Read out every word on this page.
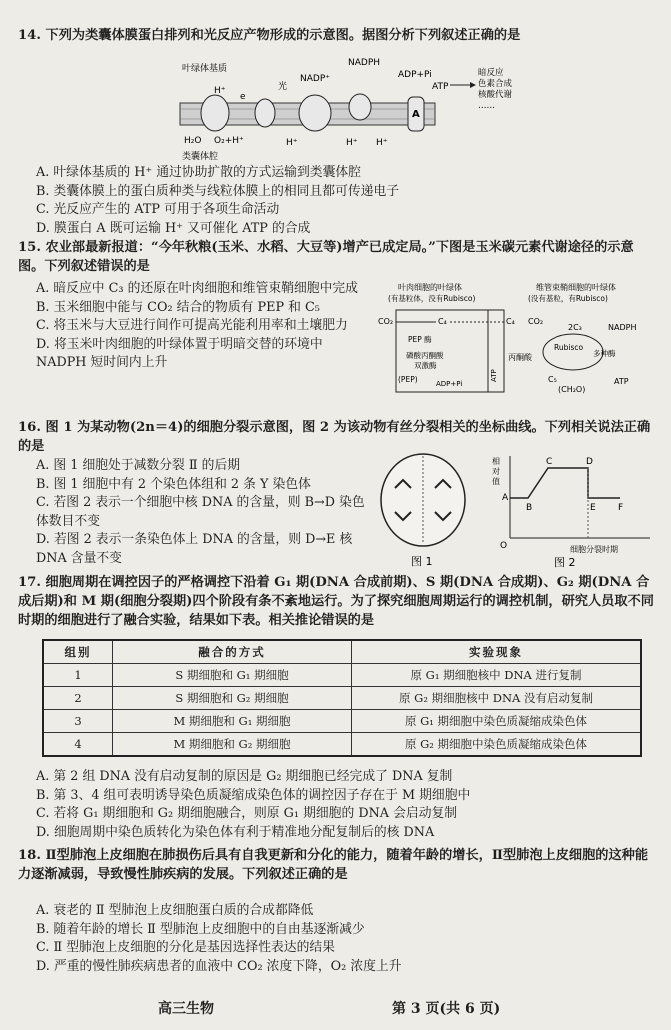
14. 下列为类囊体膜蛋白排列和光反应产物形成的示意图。据图分析下列叙述正确的是
叶绿体基质
NADP⁺
NADPH
ADP+Pi
A
光
e
H⁺
H⁺	H⁺ H⁺
H₂O O₂+H⁺
类囊体腔
ATP
暗反应
色素合成
核酸代谢
……
A. 叶绿体基质的 H⁺ 通过协助扩散的方式运输到类囊体腔
B. 类囊体膜上的蛋白质种类与线粒体膜上的相同且都可传递电子
C. 光反应产生的 ATP 可用于各项生命活动
D. 膜蛋白 A 既可运输 H⁺ 又可催化 ATP 的合成
15. 农业部最新报道：“今年秋粮(玉米、水稻、大豆等)增产已成定局。”下图是玉米碳元素代谢途径的示意图。下列叙述错误的是
A. 暗反应中 C₃ 的还原在叶肉细胞和维管束鞘细胞中完成
B. 玉米细胞中能与 CO₂ 结合的物质有 PEP 和 C₅
C. 将玉米与大豆进行间作可提高光能利用率和土壤肥力
D. 将玉米叶肉细胞的叶绿体置于明暗交替的环境中 NADPH 短时间内上升
叶肉细胞的叶绿体
(有基粒体，没有Rubisco)
维管束鞘细胞的叶绿体
(没有基粒，有Rubisco)
CO₂	C₄
PEP 酶
磷酸丙酮酸
双激酶
(PEP)	ADP+Pi
ATP
C₄ CO₂
丙酮酸
2C₃	NADPH
Rubisco
多种酶
C₅
(CH₂O)
ATP
16. 图 1 为某动物(2n＝4)的细胞分裂示意图，图 2 为该动物有丝分裂相关的坐标曲线。下列相关说法正确的是
A. 图 1 细胞处于减数分裂 Ⅱ 的后期
B. 图 1 细胞中有 2 个染色体组和 2 条 Y 染色体
C. 若图 2 表示一个细胞中核 DNA 的含量，则 B→D 染色体数目不变
D. 若图 2 表示一条染色体上 DNA 的含量，则 D→E 核 DNA 含量不变	图 1
相
对
值
A
B
C	D
E F
O	细胞分裂时期
图 2
17. 细胞周期在调控因子的严格调控下沿着 G₁ 期(DNA 合成前期)、S 期(DNA 合成期)、G₂ 期(DNA 合成后期)和 M 期(细胞分裂期)四个阶段有条不紊地运行。为了探究细胞周期运行的调控机制，研究人员取不同时期的细胞进行了融合实验，结果如下表。相关推论错误的是
组别	融合的方式	实验现象
1	S 期细胞和 G₁ 期细胞	原 G₁ 期细胞核中 DNA 进行复制
2	S 期细胞和 G₂ 期细胞	原 G₂ 期细胞核中 DNA 没有启动复制
3	M 期细胞和 G₁ 期细胞	原 G₁ 期细胞中染色质凝缩成染色体
4	M 期细胞和 G₂ 期细胞	原 G₂ 期细胞中染色质凝缩成染色体
A. 第 2 组 DNA 没有启动复制的原因是 G₂ 期细胞已经完成了 DNA 复制
B. 第 3、4 组可表明诱导染色质凝缩成染色体的调控因子存在于 M 期细胞中
C. 若将 G₁ 期细胞和 G₂ 期细胞融合，则原 G₁ 期细胞的 DNA 会启动复制
D. 细胞周期中染色质转化为染色体有利于精准地分配复制后的核 DNA
18. Ⅱ型肺泡上皮细胞在肺损伤后具有自我更新和分化的能力，随着年龄的增长，Ⅱ型肺泡上皮细胞的这种能力逐渐减弱，导致慢性肺疾病的发展。下列叙述正确的是
A. 衰老的 Ⅱ 型肺泡上皮细胞蛋白质的合成都降低
B. 随着年龄的增长 Ⅱ 型肺泡上皮细胞中的自由基逐渐减少
C. Ⅱ 型肺泡上皮细胞的分化是基因选择性表达的结果
D. 严重的慢性肺疾病患者的血液中 CO₂ 浓度下降，O₂ 浓度上升
高三生物	第 3 页(共 6 页)
